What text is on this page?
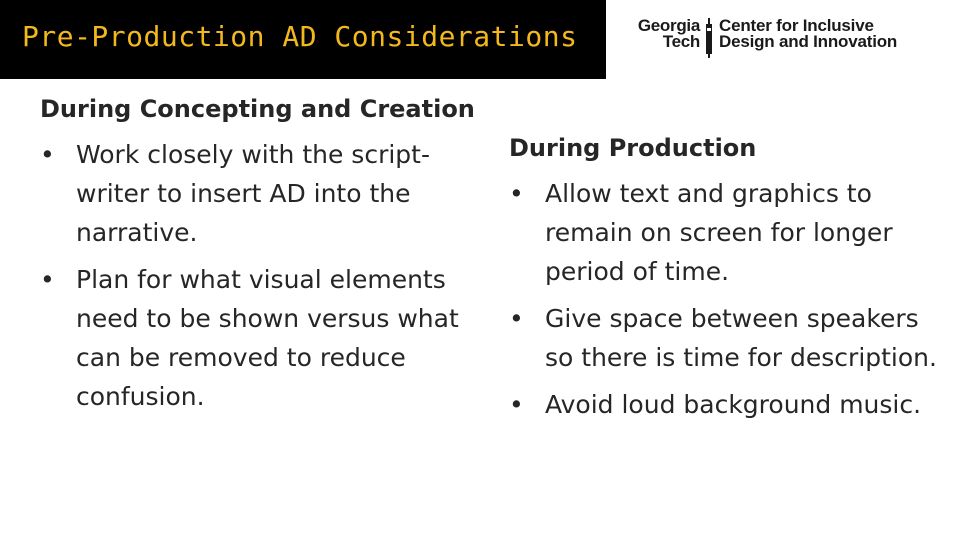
Pre-Production AD Considerations	Georgia
Tech
Center for Inclusive
Design and Innovation
During Concepting and Creation
• Work closely with the script-writer to insert AD into the narrative.
• Plan for what visual elements need to be shown versus what can be removed to reduce confusion.
During Production
• Allow text and graphics to remain on screen for longer period of time.
• Give space between speakers so there is time for description.
• Avoid loud background music.
